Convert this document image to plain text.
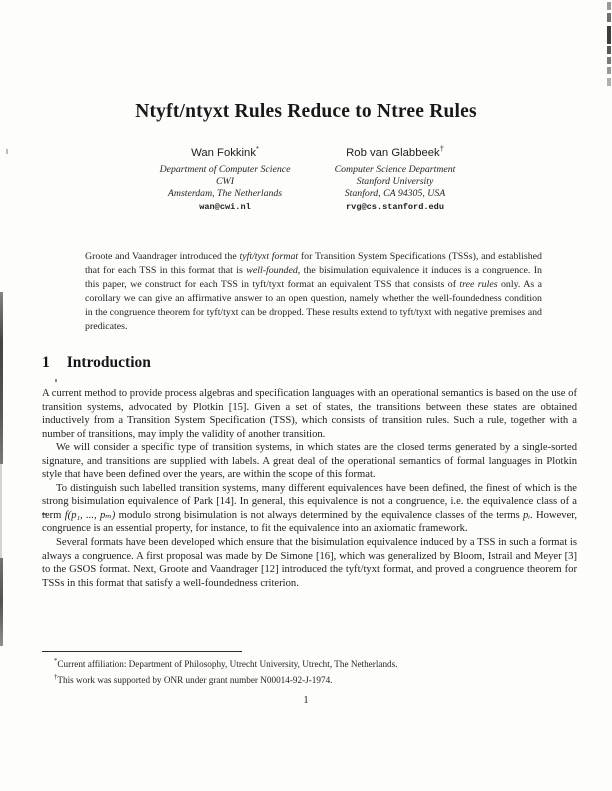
Ntyft/ntyxt Rules Reduce to Ntree Rules
Wan Fokkink*
Department of Computer Science
CWI
Amsterdam, The Netherlands
wan@cwi.nl
Rob van Glabbeek†
Computer Science Department
Stanford University
Stanford, CA 94305, USA
rvg@cs.stanford.edu
Groote and Vaandrager introduced the tyft/tyxt format for Transition System Specifications (TSSs), and established that for each TSS in this format that is well-founded, the bisimulation equivalence it induces is a congruence. In this paper, we construct for each TSS in tyft/tyxt format an equivalent TSS that consists of tree rules only. As a corollary we can give an affirmative answer to an open question, namely whether the well-foundedness condition in the congruence theorem for tyft/tyxt can be dropped. These results extend to tyft/tyxt with negative premises and predicates.
1 Introduction

A current method to provide process algebras and specification languages with an operational semantics is based on the use of transition systems, advocated by Plotkin [15]. Given a set of states, the transitions between these states are obtained inductively from a Transition System Specification (TSS), which consists of transition rules. Such a rule, together with a number of transitions, may imply the validity of another transition.

We will consider a specific type of transition systems, in which states are the closed terms generated by a single-sorted signature, and transitions are supplied with labels. A great deal of the operational semantics of formal languages in Plotkin style that have been defined over the years, are within the scope of this format.

To distinguish such labelled transition systems, many different equivalences have been defined, the finest of which is the strong bisimulation equivalence of Park [14]. In general, this equivalence is not a congruence, i.e. the equivalence class of a term f(p₁, ..., pₘ) modulo strong bisimulation is not always determined by the equivalence classes of the terms pᵢ. However, congruence is an essential property, for instance, to fit the equivalence into an axiomatic framework.

Several formats have been developed which ensure that the bisimulation equivalence induced by a TSS in such a format is always a congruence. A first proposal was made by De Simone [16], which was generalized by Bloom, Istrail and Meyer [3] to the GSOS format. Next, Groote and Vaandrager [12] introduced the tyft/tyxt format, and proved a congruence theorem for TSSs in this format that satisfy a well-foundedness criterion.

*Current affiliation: Department of Philosophy, Utrecht University, Utrecht, The Netherlands.
†This work was supported by ONR under grant number N00014-92-J-1974.
1
